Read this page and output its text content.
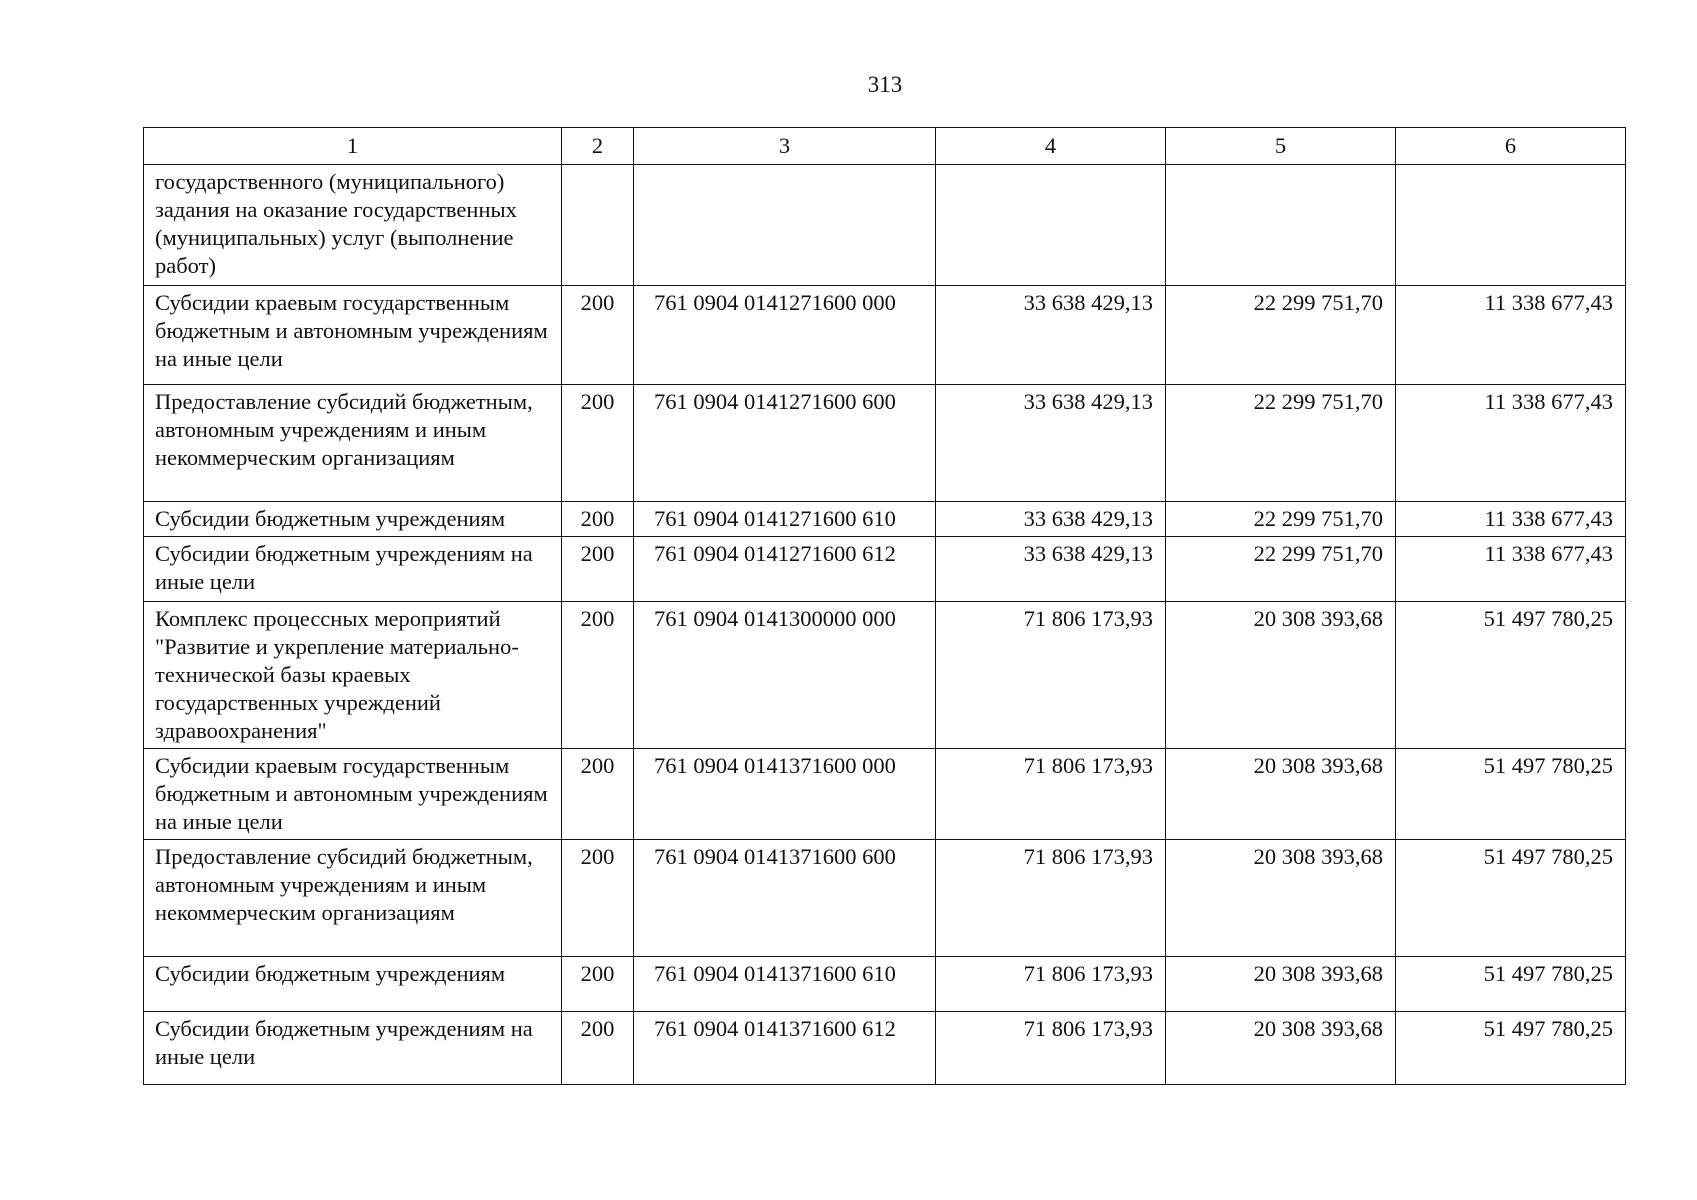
313
1	2	3	4	5	6
государственного (муниципального) задания на оказание государственных (муниципальных) услуг (выполнение работ)					
Субсидии краевым государственным бюджетным и автономным учреждениям на иные цели	200	761 0904 0141271600 000	33 638 429,13	22 299 751,70	11 338 677,43
Предоставление субсидий бюджетным, автономным учреждениям и иным некоммерческим организациям	200	761 0904 0141271600 600	33 638 429,13	22 299 751,70	11 338 677,43
Субсидии бюджетным учреждениям	200	761 0904 0141271600 610	33 638 429,13	22 299 751,70	11 338 677,43
Субсидии бюджетным учреждениям на иные цели	200	761 0904 0141271600 612	33 638 429,13	22 299 751,70	11 338 677,43
Комплекс процессных мероприятий "Развитие и укрепление материально-технической базы краевых государственных учреждений здравоохранения"	200	761 0904 0141300000 000	71 806 173,93	20 308 393,68	51 497 780,25
Субсидии краевым государственным бюджетным и автономным учреждениям на иные цели	200	761 0904 0141371600 000	71 806 173,93	20 308 393,68	51 497 780,25
Предоставление субсидий бюджетным, автономным учреждениям и иным некоммерческим организациям	200	761 0904 0141371600 600	71 806 173,93	20 308 393,68	51 497 780,25
Субсидии бюджетным учреждениям	200	761 0904 0141371600 610	71 806 173,93	20 308 393,68	51 497 780,25
Субсидии бюджетным учреждениям на иные цели	200	761 0904 0141371600 612	71 806 173,93	20 308 393,68	51 497 780,25
